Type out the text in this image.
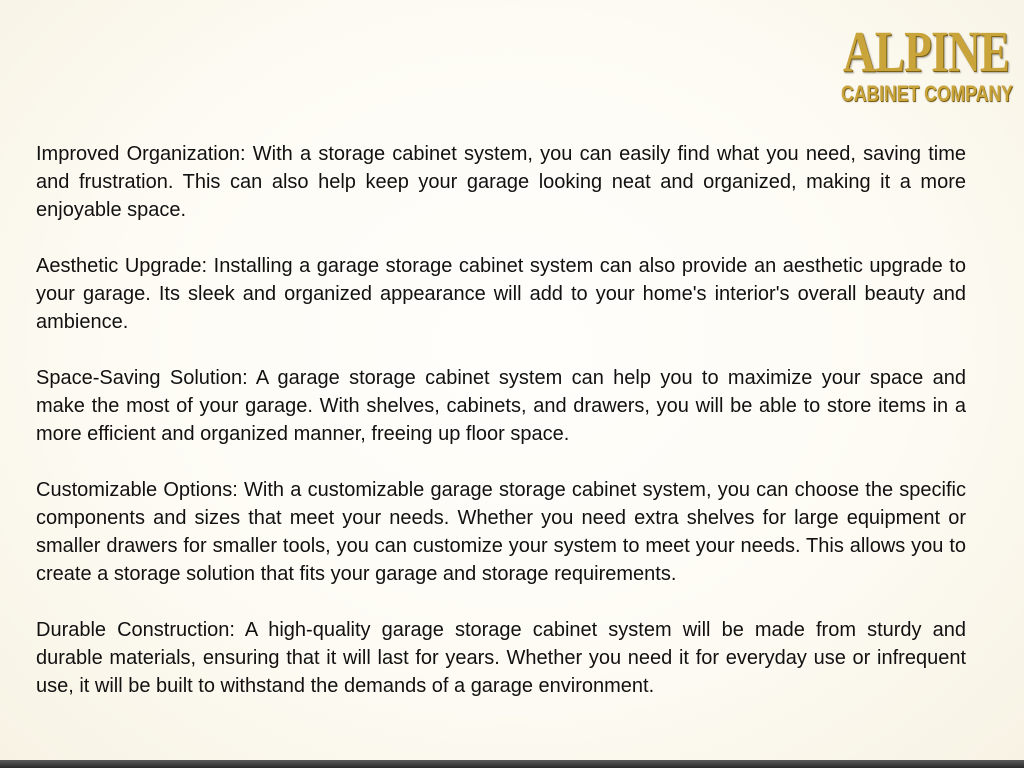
ALPINE
CABINET COMPANY

Improved Organization: With a storage cabinet system, you can easily find what you need, saving time and frustration. This can also help keep your garage looking neat and organized, making it a more enjoyable space.

Aesthetic Upgrade: Installing a garage storage cabinet system can also provide an aesthetic upgrade to your garage. Its sleek and organized appearance will add to your home's interior's overall beauty and ambience.

Space-Saving Solution: A garage storage cabinet system can help you to maximize your space and make the most of your garage. With shelves, cabinets, and drawers, you will be able to store items in a more efficient and organized manner, freeing up floor space.

Customizable Options: With a customizable garage storage cabinet system, you can choose the specific components and sizes that meet your needs. Whether you need extra shelves for large equipment or smaller drawers for smaller tools, you can customize your system to meet your needs. This allows you to create a storage solution that fits your garage and storage requirements.

Durable Construction: A high-quality garage storage cabinet system will be made from sturdy and durable materials, ensuring that it will last for years. Whether you need it for everyday use or infrequent use, it will be built to withstand the demands of a garage environment.
